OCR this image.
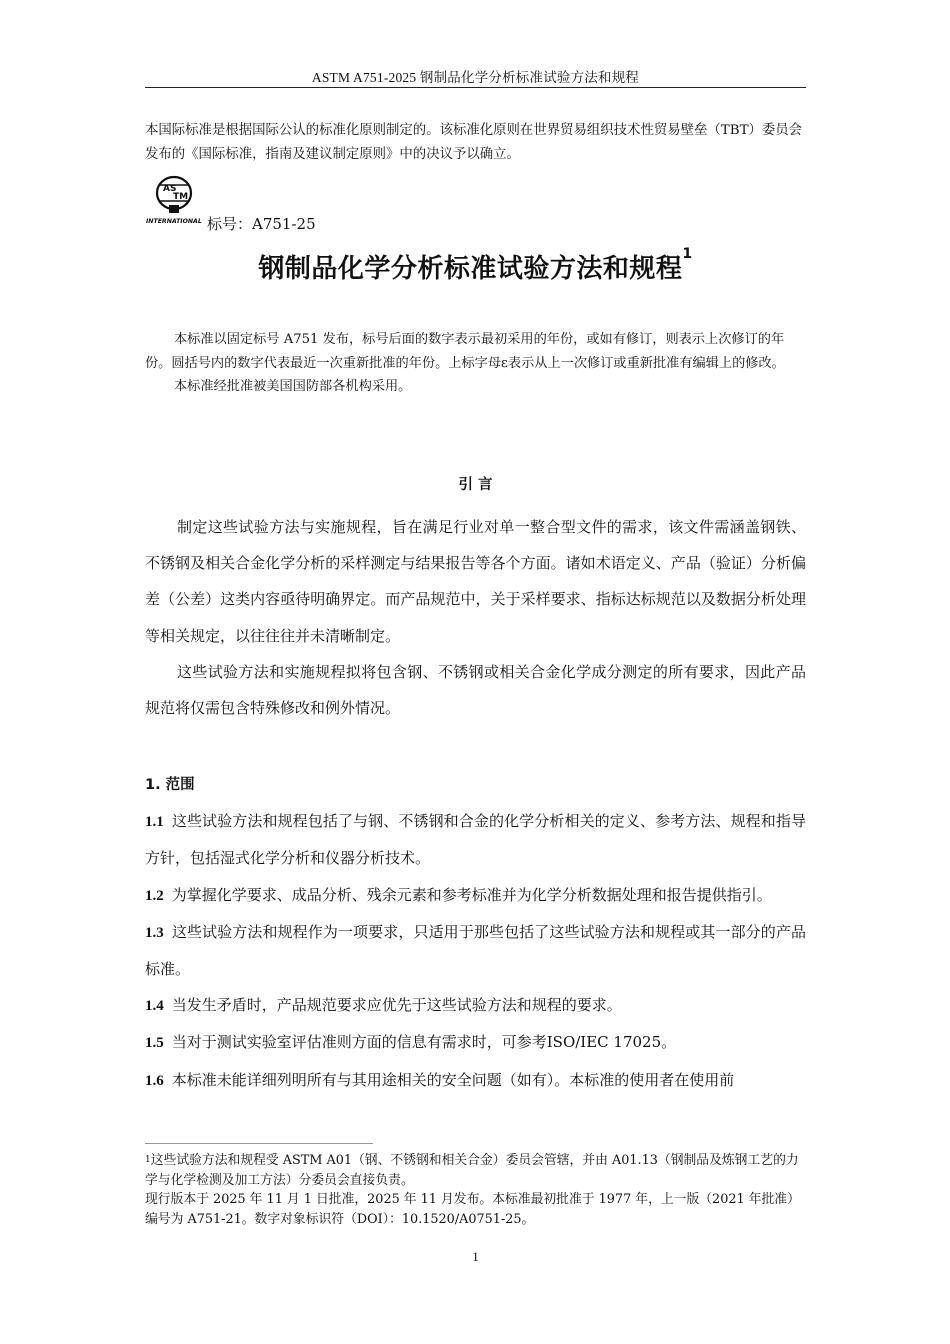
ASTM A751-2025 钢制品化学分析标准试验方法和规程
本国际标准是根据国际公认的标准化原则制定的。该标准化原则在世界贸易组织技术性贸易壁垒（TBT）委员会发布的《国际标准，指南及建议制定原则》中的决议予以确立。
AS
TM
INTERNATIONAL 标号：A751-25
钢制品化学分析标准试验方法和规程$^1$

本标准以固定标号 A751 发布，标号后面的数字表示最初采用的年份，或如有修订，则表示上次修订的年份。圆括号内的数字代表最近一次重新批准的年份。上标字母ε表示从上一次修订或重新批准有编辑上的修改。

本标准经批准被美国国防部各机构采用。

引 言

制定这些试验方法与实施规程，旨在满足行业对单一整合型文件的需求，该文件需涵盖钢铁、不锈钢及相关合金化学分析的采样测定与结果报告等各个方面。诸如术语定义、产品（验证）分析偏差（公差）这类内容亟待明确界定。而产品规范中，关于采样要求、指标达标规范以及数据分析处理等相关规定，以往往往并未清晰制定。

这些试验方法和实施规程拟将包含钢、不锈钢或相关合金化学成分测定的所有要求，因此产品规范将仅需包含特殊修改和例外情况。

1. 范围

1.1 这些试验方法和规程包括了与钢、不锈钢和合金的化学分析相关的定义、参考方法、规程和指导方针，包括湿式化学分析和仪器分析技术。

1.2 为掌握化学要求、成品分析、残余元素和参考标准并为化学分析数据处理和报告提供指引。

1.3 这些试验方法和规程作为一项要求，只适用于那些包括了这些试验方法和规程或其一部分的产品标准。

1.4 当发生矛盾时，产品规范要求应优先于这些试验方法和规程的要求。

1.5 当对于测试实验室评估准则方面的信息有需求时，可参考ISO/IEC 17025。

1.6 本标准未能详细列明所有与其用途相关的安全问题（如有）。本标准的使用者在使用前

$^1$这些试验方法和规程受 ASTM A01（钢、不锈钢和相关合金）委员会管辖，并由 A01.13（钢制品及炼钢工艺的力学与化学检测及加工方法）分委员会直接负责。

现行版本于 2025 年 11 月 1 日批准，2025 年 11 月发布。本标准最初批准于 1977 年，上一版（2021 年批准）编号为 A751-21。数字对象标识符（DOI）：10.1520/A0751-25。

1
